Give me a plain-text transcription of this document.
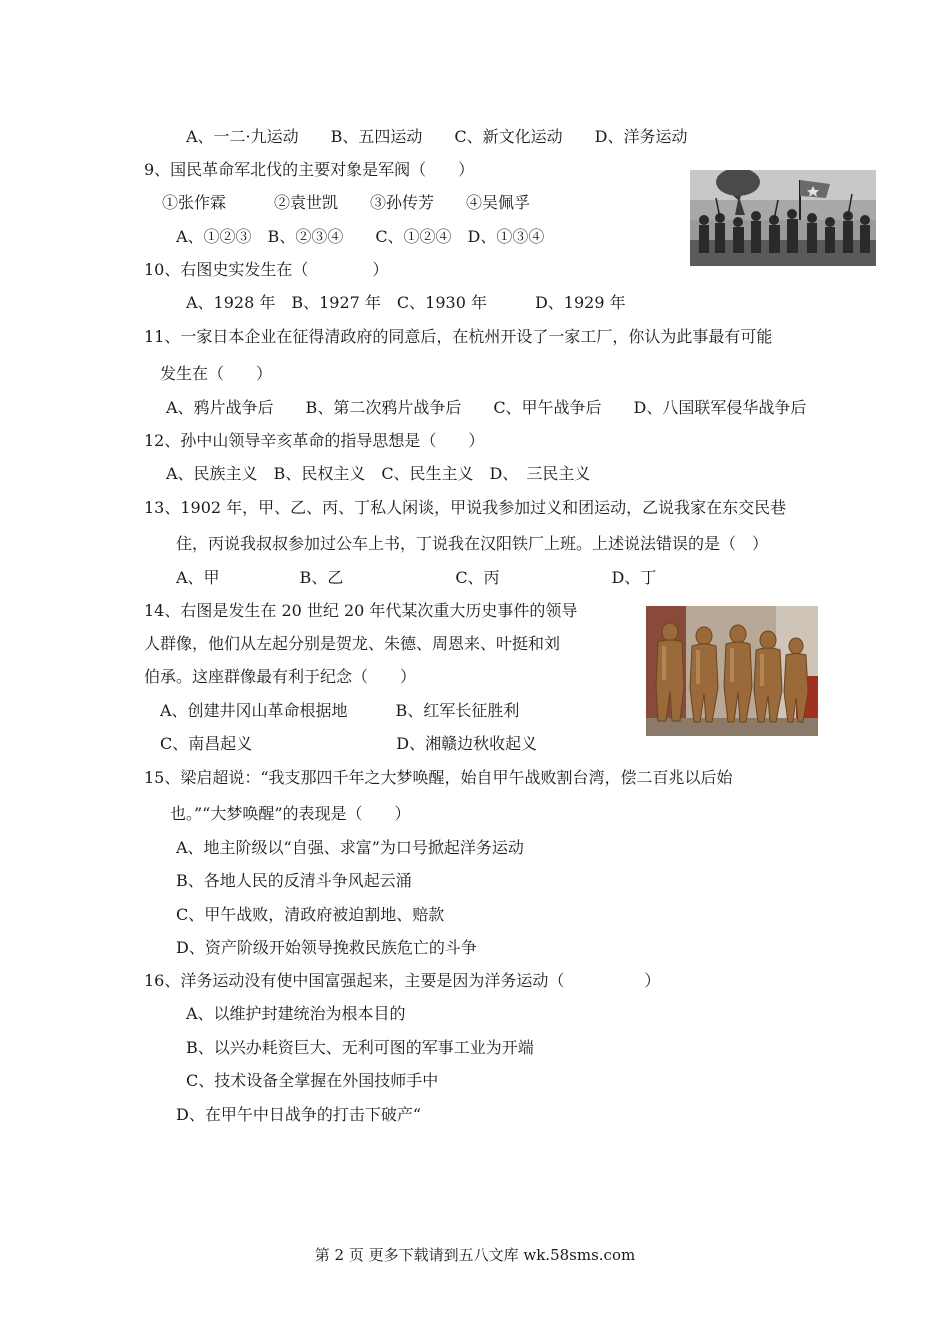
A、一二·九运动　　B、五四运动　　C、新文化运动　　D、洋务运动
9、国民革命军北伐的主要对象是军阀（　　）
①张作霖　　　②袁世凯　　③孙传芳　　④吴佩孚
A、①②③　B、②③④　　C、①②④　D、①③④
10、右图史实发生在（　　　　）
A、1928 年　B、1927 年　C、1930 年　　　D、1929 年
11、一家日本企业在征得清政府的同意后，在杭州开设了一家工厂，你认为此事最有可能
发生在（　　）
A、鸦片战争后　　B、第二次鸦片战争后　　C、甲午战争后　　D、八国联军侵华战争后
12、孙中山领导辛亥革命的指导思想是（　　）
A、民族主义　B、民权主义　C、民生主义　D、　三民主义
13、1902 年，甲、乙、丙、丁私人闲谈，甲说我参加过义和团运动，乙说我家在东交民巷
住，丙说我叔叔参加过公车上书，丁说我在汉阳铁厂上班。上述说法错误的是（　）
A、甲　　　　　B、乙　　　　　　　C、丙　　　　　　　D、丁
14、右图是发生在 20 世纪 20 年代某次重大历史事件的领导
人群像，他们从左起分别是贺龙、朱德、周恩来、叶挺和刘
伯承。这座群像最有利于纪念（　　）
A、创建井冈山革命根据地　　　B、红军长征胜利
C、南昌起义　　　　　　　　　D、湘赣边秋收起义
15、梁启超说：“我支那四千年之大梦唤醒，始自甲午战败割台湾，偿二百兆以后始
也。”“大梦唤醒”的表现是（　　）
A、地主阶级以“自强、求富”为口号掀起洋务运动
B、各地人民的反清斗争风起云涌
C、甲午战败，清政府被迫割地、赔款
D、资产阶级开始领导挽救民族危亡的斗争
16、洋务运动没有使中国富强起来，主要是因为洋务运动（　　　　　）
A、以维护封建统治为根本目的
B、以兴办耗资巨大、无利可图的军事工业为开端
C、技术设备全掌握在外国技师手中
D、在甲午中日战争的打击下破产“
第 2 页 更多下载请到五八文库 wk.58sms.com
